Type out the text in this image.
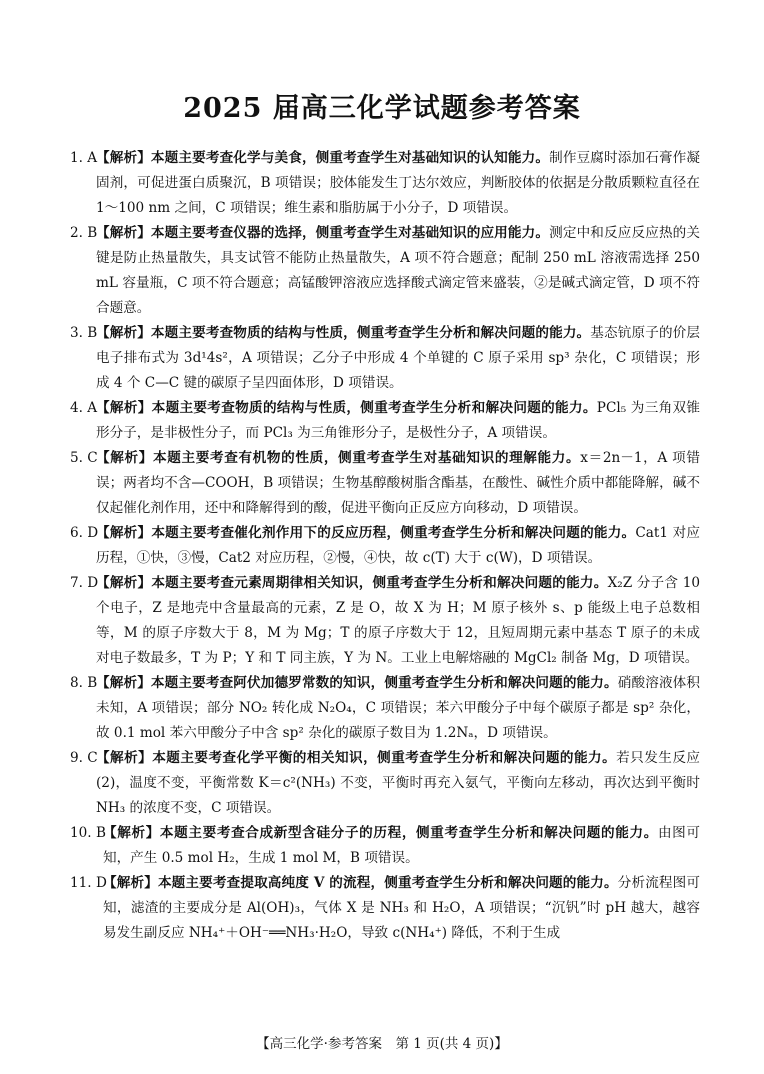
2025 届高三化学试题参考答案

1. A
【解析】本题主要考查化学与美食，侧重考查学生对基础知识的认知能力。制作豆腐时添加石膏作凝固剂，可促进蛋白质聚沉，B 项错误；胶体能发生丁达尔效应，判断胶体的依据是分散质颗粒直径在 1～100 nm 之间，C 项错误；维生素和脂肪属于小分子，D 项错误。

2. B
【解析】本题主要考查仪器的选择，侧重考查学生对基础知识的应用能力。测定中和反应反应热的关键是防止热量散失，具支试管不能防止热量散失，A 项不符合题意；配制 250 mL 溶液需选择 250 mL 容量瓶，C 项不符合题意；高锰酸钾溶液应选择酸式滴定管来盛装，②是碱式滴定管，D 项不符合题意。

3. B
【解析】本题主要考查物质的结构与性质，侧重考查学生分析和解决问题的能力。基态钪原子的价层电子排布式为 3d¹4s²，A 项错误；乙分子中形成 4 个单键的 C 原子采用 sp³ 杂化，C 项错误；形成 4 个 C—C 键的碳原子呈四面体形，D 项错误。

4. A
【解析】本题主要考查物质的结构与性质，侧重考查学生分析和解决问题的能力。PCl₅ 为三角双锥形分子，是非极性分子，而 PCl₃ 为三角锥形分子，是极性分子，A 项错误。

5. C
【解析】本题主要考查有机物的性质，侧重考查学生对基础知识的理解能力。x＝2n－1，A 项错误；两者均不含—COOH，B 项错误；生物基醇酸树脂含酯基，在酸性、碱性介质中都能降解，碱不仅起催化剂作用，还中和降解得到的酸，促进平衡向正反应方向移动，D 项错误。

6. D
【解析】本题主要考查催化剂作用下的反应历程，侧重考查学生分析和解决问题的能力。Cat1 对应历程，①快，③慢，Cat2 对应历程，②慢，④快，故 c(T) 大于 c(W)，D 项错误。

7. D
【解析】本题主要考查元素周期律相关知识，侧重考查学生分析和解决问题的能力。X₂Z 分子含 10 个电子，Z 是地壳中含量最高的元素，Z 是 O，故 X 为 H；M 原子核外 s、p 能级上电子总数相等，M 的原子序数大于 8，M 为 Mg；T 的原子序数大于 12，且短周期元素中基态 T 原子的未成对电子数最多，T 为 P；Y 和 T 同主族，Y 为 N。工业上电解熔融的 MgCl₂ 制备 Mg，D 项错误。

8. B
【解析】本题主要考查阿伏加德罗常数的知识，侧重考查学生分析和解决问题的能力。硝酸溶液体积未知，A 项错误；部分 NO₂ 转化成 N₂O₄，C 项错误；苯六甲酸分子中每个碳原子都是 sp² 杂化，故 0.1 mol 苯六甲酸分子中含 sp² 杂化的碳原子数目为 1.2Nₐ，D 项错误。

9. C
【解析】本题主要考查化学平衡的相关知识，侧重考查学生分析和解决问题的能力。若只发生反应(2)，温度不变，平衡常数 K＝c²(NH₃) 不变，平衡时再充入氨气，平衡向左移动，再次达到平衡时 NH₃ 的浓度不变，C 项错误。

10. B
【解析】本题主要考查合成新型含硅分子的历程，侧重考查学生分析和解决问题的能力。由图可知，产生 0.5 mol H₂，生成 1 mol M，B 项错误。

11. D
【解析】本题主要考查提取高纯度 V 的流程，侧重考查学生分析和解决问题的能力。分析流程图可知，滤渣的主要成分是 Al(OH)₃，气体 X 是 NH₃ 和 H₂O，A 项错误；“沉钒”时 pH 越大，越容易发生副反应 NH₄⁺＋OH⁻══NH₃·H₂O，导致 c(NH₄⁺) 降低，不利于生成

【高三化学·参考答案　第 1 页(共 4 页)】
